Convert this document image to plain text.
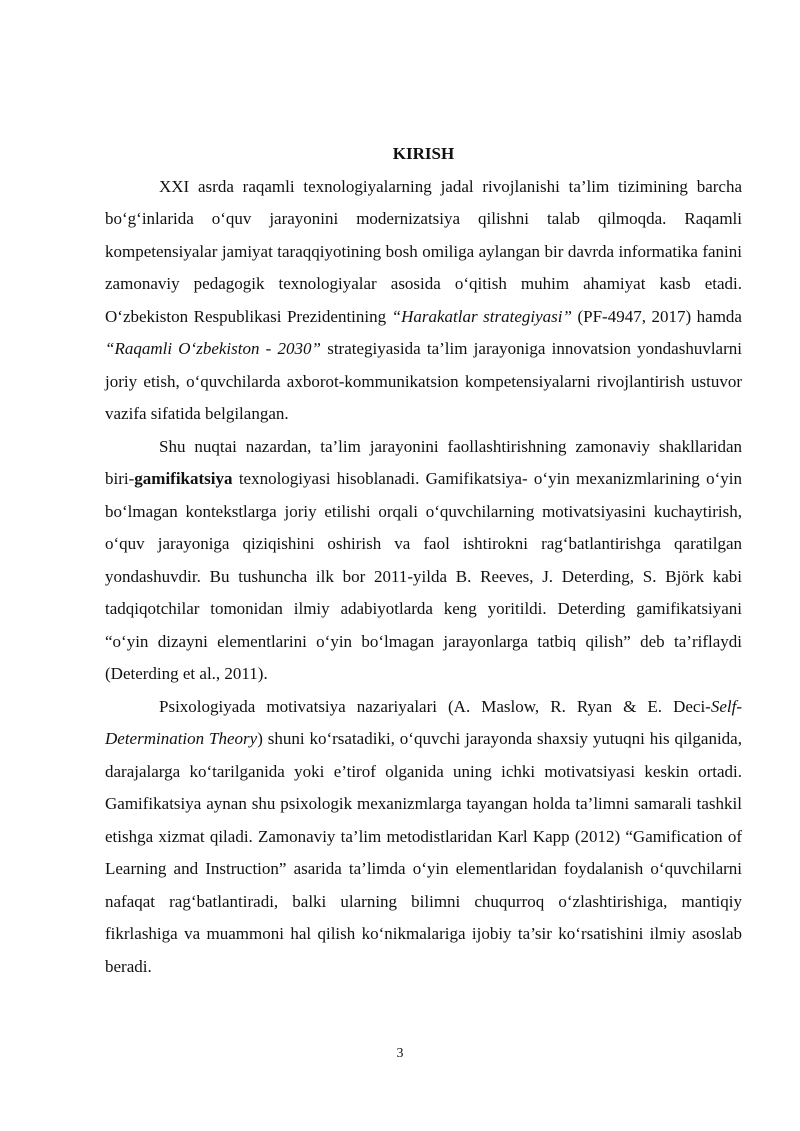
KIRISH

XXI asrda raqamli texnologiyalarning jadal rivojlanishi ta’lim tizimining barcha bo‘g‘inlarida o‘quv jarayonini modernizatsiya qilishni talab qilmoqda. Raqamli kompetensiyalar jamiyat taraqqiyotining bosh omiliga aylangan bir davrda informatika fanini zamonaviy pedagogik texnologiyalar asosida o‘qitish muhim ahamiyat kasb etadi. O‘zbekiston Respublikasi Prezidentining “Harakatlar strategiyasi” (PF-4947, 2017) hamda “Raqamli O‘zbekiston - 2030” strategiyasida ta’lim jarayoniga innovatsion yondashuvlarni joriy etish, o‘quvchilarda axborot-kommunikatsion kompetensiyalarni rivojlantirish ustuvor vazifa sifatida belgilangan.

Shu nuqtai nazardan, ta’lim jarayonini faollashtirishning zamonaviy shakllaridan biri-gamifikatsiya texnologiyasi hisoblanadi. Gamifikatsiya- o‘yin mexanizmlarining o‘yin bo‘lmagan kontekstlarga joriy etilishi orqali o‘quvchilarning motivatsiyasini kuchaytirish, o‘quv jarayoniga qiziqishini oshirish va faol ishtirokni rag‘batlantirishga qaratilgan yondashuvdir. Bu tushuncha ilk bor 2011-yilda B. Reeves, J. Deterding, S. Björk kabi tadqiqotchilar tomonidan ilmiy adabiyotlarda keng yoritildi. Deterding gamifikatsiyani “o‘yin dizayni elementlarini o‘yin bo‘lmagan jarayonlarga tatbiq qilish” deb ta’riflaydi (Deterding et al., 2011).

Psixologiyada motivatsiya nazariyalari (A. Maslow, R. Ryan & E. Deci-Self-Determination Theory) shuni ko‘rsatadiki, o‘quvchi jarayonda shaxsiy yutuqni his qilganida, darajalarga ko‘tarilganida yoki e’tirof olganida uning ichki motivatsiyasi keskin ortadi. Gamifikatsiya aynan shu psixologik mexanizmlarga tayangan holda ta’limni samarali tashkil etishga xizmat qiladi. Zamonaviy ta’lim metodistlaridan Karl Kapp (2012) “Gamification of Learning and Instruction” asarida ta’limda o‘yin elementlaridan foydalanish o‘quvchilarni nafaqat rag‘batlantiradi, balki ularning bilimni chuqurroq o‘zlashtirishiga, mantiqiy fikrlashiga va muammoni hal qilish ko‘nikmalariga ijobiy ta’sir ko‘rsatishini ilmiy asoslab beradi.

3
